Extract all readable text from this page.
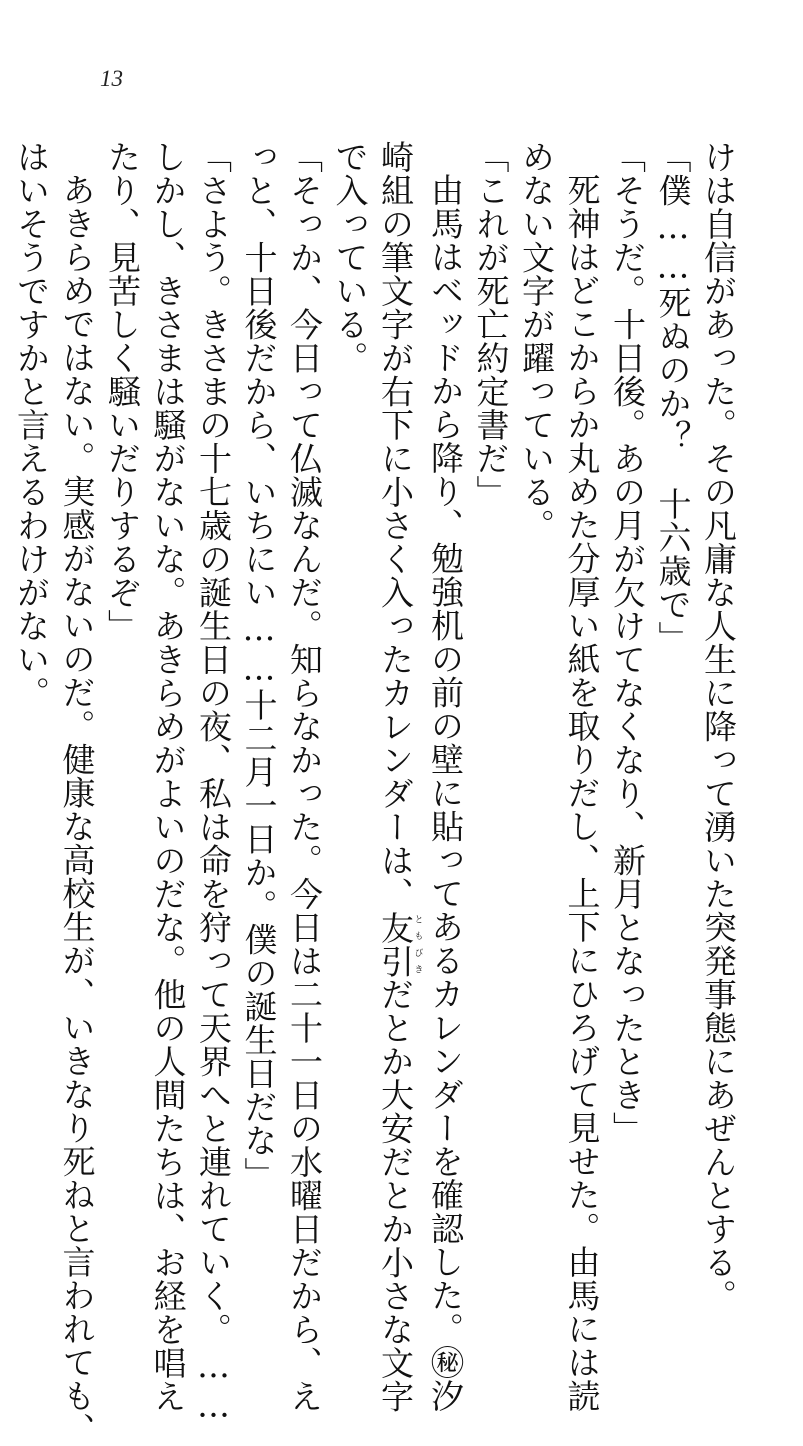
13
けは自信があった。その凡庸な人生に降って湧いた突発事態にあぜんとする。
「僕……死ぬのか？　十六歳で」
「そうだ。十日後。あの月が欠けてなくなり、新月となったとき」
死神はどこからか丸めた分厚い紙を取りだし、上下にひろげて見せた。由馬には読
めない文字が躍っている。
「これが死亡約定書だ」
由馬はベッドから降り、勉強机の前の壁に貼ってあるカレンダーを確認した。㊙汐
崎組の筆文字が右下に小さく入ったカレンダーは、友引ともびきだとか大安だとか小さな文字
で入っている。
「そっか、今日って仏滅なんだ。知らなかった。今日は二十一日の水曜日だから、え
っと、十日後だから、いちにい……十二月一日か。僕の誕生日だな」
「さよう。きさまの十七歳の誕生日の夜、私は命を狩って天界へと連れていく。……
しかし、きさまは騒がないな。あきらめがよいのだな。他の人間たちは、お経を唱え
たり、見苦しく騒いだりするぞ」
あきらめではない。実感がないのだ。健康な高校生が、いきなり死ねと言われても、
はいそうですかと言えるわけがない。
